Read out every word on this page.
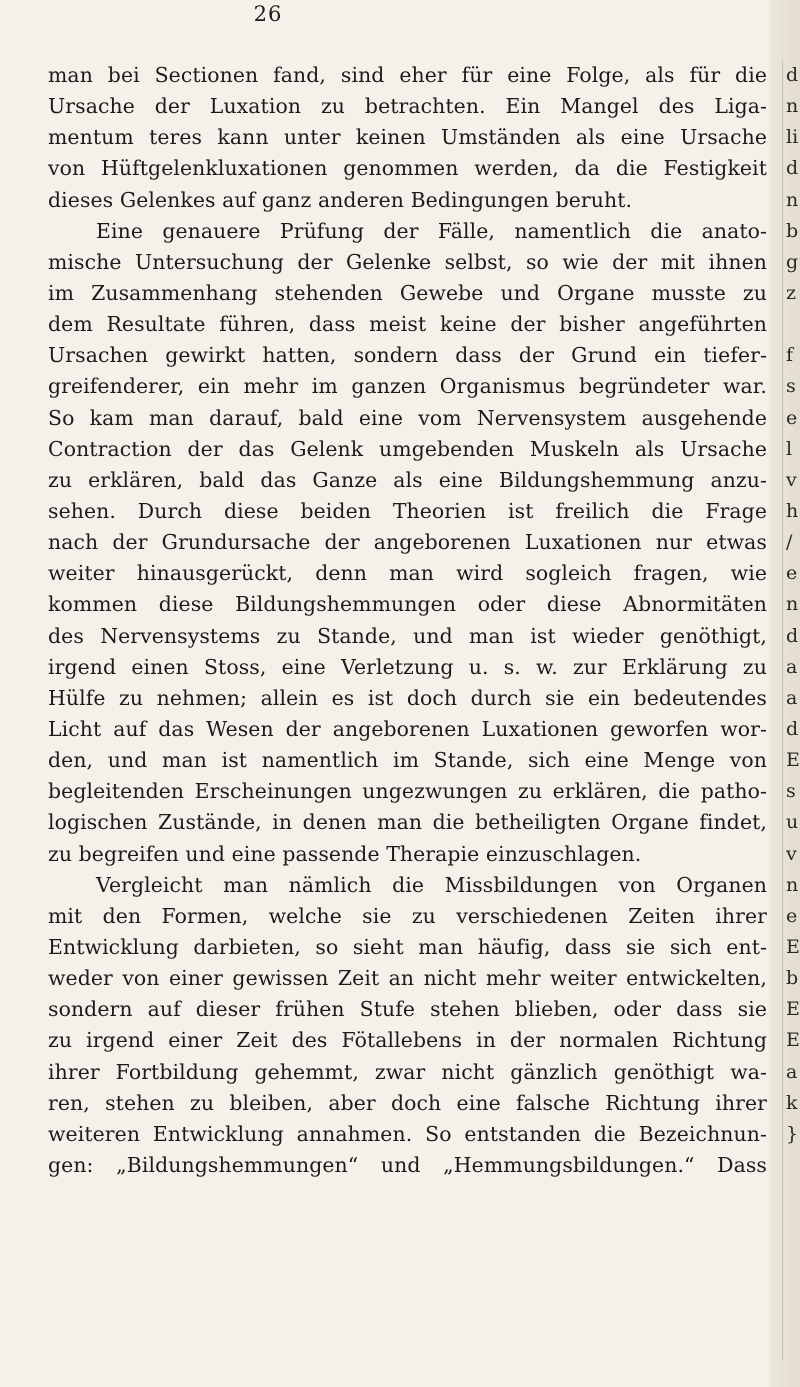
26
man bei Sectionen fand, sind eher für eine Folge, als für die
Ursache der Luxation zu betrachten. Ein Mangel des Liga-
mentum teres kann unter keinen Umständen als eine Ursache
von Hüftgelenkluxationen genommen werden, da die Festigkeit
dieses Gelenkes auf ganz anderen Bedingungen beruht.
Eine genauere Prüfung der Fälle, namentlich die anato-
mische Untersuchung der Gelenke selbst, so wie der mit ihnen
im Zusammenhang stehenden Gewebe und Organe musste zu
dem Resultate führen, dass meist keine der bisher angeführten
Ursachen gewirkt hatten, sondern dass der Grund ein tiefer-
greifenderer, ein mehr im ganzen Organismus begründeter war.
So kam man darauf, bald eine vom Nervensystem ausgehende
Contraction der das Gelenk umgebenden Muskeln als Ursache
zu erklären, bald das Ganze als eine Bildungshemmung anzu-
sehen. Durch diese beiden Theorien ist freilich die Frage
nach der Grundursache der angeborenen Luxationen nur etwas
weiter hinausgerückt, denn man wird sogleich fragen, wie
kommen diese Bildungshemmungen oder diese Abnormitäten
des Nervensystems zu Stande, und man ist wieder genöthigt,
irgend einen Stoss, eine Verletzung u. s. w. zur Erklärung zu
Hülfe zu nehmen; allein es ist doch durch sie ein bedeutendes
Licht auf das Wesen der angeborenen Luxationen geworfen wor-
den, und man ist namentlich im Stande, sich eine Menge von
begleitenden Erscheinungen ungezwungen zu erklären, die patho-
logischen Zustände, in denen man die betheiligten Organe findet,
zu begreifen und eine passende Therapie einzuschlagen.
Vergleicht man nämlich die Missbildungen von Organen
mit den Formen, welche sie zu verschiedenen Zeiten ihrer
Entwicklung darbieten, so sieht man häufig, dass sie sich ent-
weder von einer gewissen Zeit an nicht mehr weiter entwickelten,
sondern auf dieser frühen Stufe stehen blieben, oder dass sie
zu irgend einer Zeit des Fötallebens in der normalen Richtung
ihrer Fortbildung gehemmt, zwar nicht gänzlich genöthigt wa-
ren, stehen zu bleiben, aber doch eine falsche Richtung ihrer
weiteren Entwicklung annahmen. So entstanden die Bezeichnun-
gen: „Bildungshemmungen“ und „Hemmungsbildungen.“ Dass
d
n
li
d
n
b
g
z
f
s
e
l
v
h
/
e
n
d
a
a
d
E
s
u
v
n
e
E
b
E
E
a
k
}
